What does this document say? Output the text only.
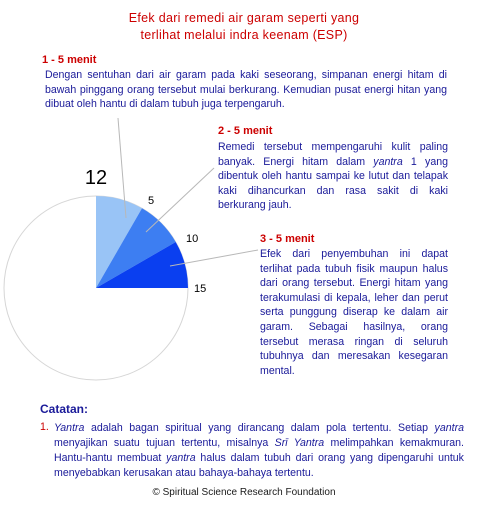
Efek dari remedi air garam seperti yang
terlihat melalui indra keenam (ESP)
12
5
10
15
1 - 5 menit
Dengan sentuhan dari air garam pada kaki seseorang, simpanan energi hitam di bawah pinggang orang tersebut mulai berkurang. Kemudian pusat energi hitan yang dibuat oleh hantu di dalam tubuh juga terpengaruh.
2 - 5 menit
Remedi tersebut mempengaruhi kulit paling banyak. Energi hitam dalam yantra 1 yang dibentuk oleh hantu sampai ke lutut dan telapak kaki dihancurkan dan rasa sakit di kaki berkurang jauh.
3 - 5 menit
Efek dari penyembuhan ini dapat terlihat pada tubuh fisik maupun halus dari orang tersebut. Energi hitam yang terakumulasi di kepala, leher dan perut serta punggung diserap ke dalam air garam. Sebagai hasilnya, orang tersebut merasa ringan di seluruh tubuhnya dan meresakan kesegaran mental.
Catatan:
1. Yantra adalah bagan spiritual yang dirancang dalam pola tertentu. Setiap yantra menyajikan suatu tujuan tertentu, misalnya Srī Yantra melimpahkan kemakmuran. Hantu-hantu membuat yantra halus dalam tubuh dari orang yang dipengaruhi untuk menyebabkan kerusakan atau bahaya-bahaya tertentu.
© Spiritual Science Research Foundation
